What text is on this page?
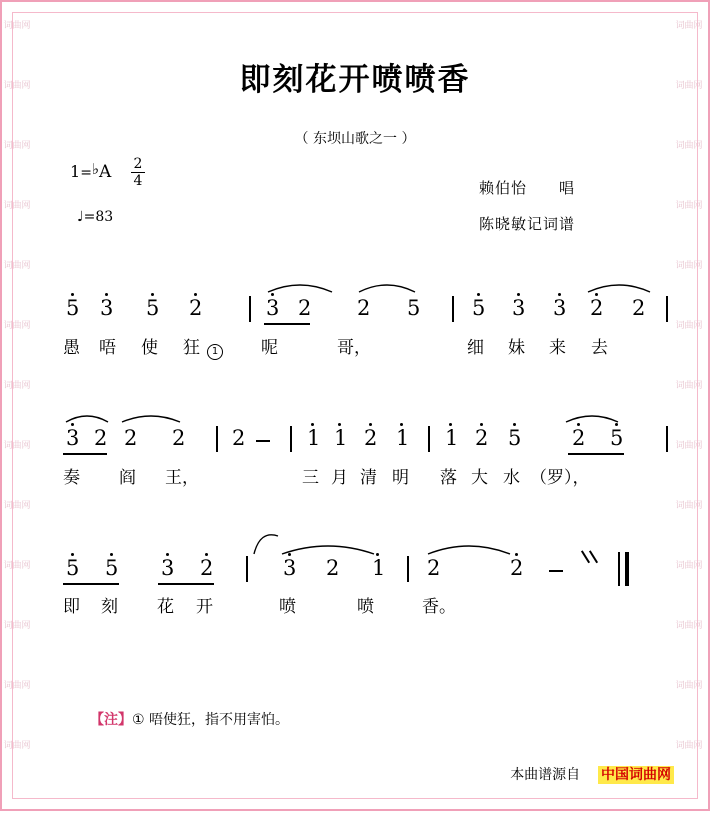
词曲网
词曲网
词曲网
词曲网
词曲网
词曲网
词曲网
词曲网
词曲网
词曲网
词曲网
词曲网
词曲网
词曲网
词曲网
词曲网
词曲网
词曲网
词曲网
词曲网
词曲网
词曲网
词曲网
词曲网
词曲网
词曲网
即刻花开喷喷香
（ 东坝山歌之一 ）
1=♭A 2
4
♩=83
赖伯怡　　唱
陈晓敏记词谱
5 3 5 2	3 2 2 5 5 3 3 2 2
愚 唔 使 狂	1	呢	哥，	细 妹 来 去
3 2 2 2 2	1 1 2 1 1 2 5 2 5
奏 阎 王，	三 月 清 明 落 大 水 （罗），
5 5 3 2	3 2 1 2	2
即 刻 花 开	喷	喷	香。
【注】① 唔使狂，指不用害怕。
本曲谱源自 中国词曲网
